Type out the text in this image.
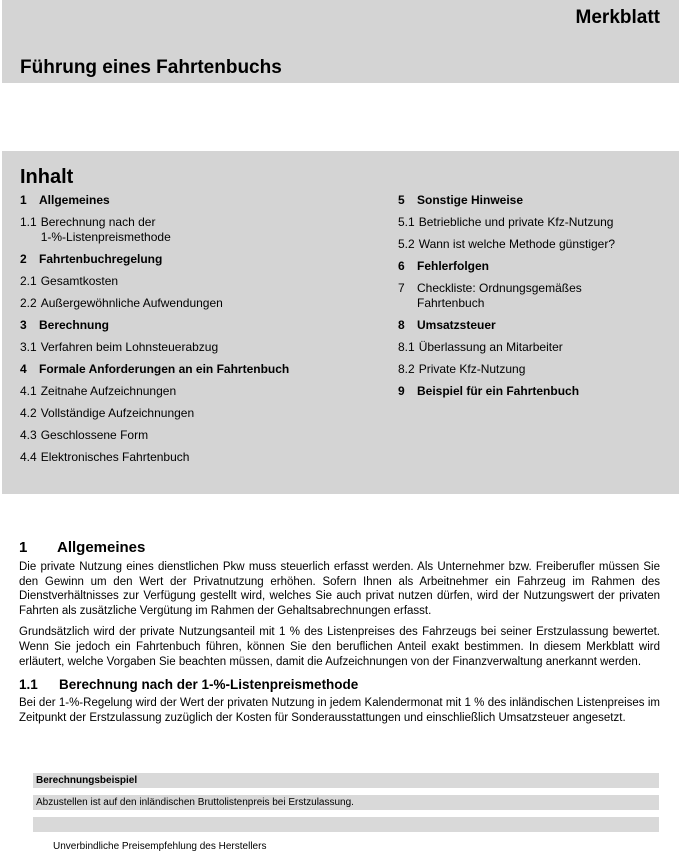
Merkblatt
Führung eines Fahrtenbuchs
Inhalt
1	Allgemeines
1.1 Berechnung nach der
1-%-Listenpreismethode
2	Fahrtenbuchregelung
2.1 Gesamtkosten
2.2 Außergewöhnliche Aufwendungen
3	Berechnung
3.1 Verfahren beim Lohnsteuerabzug
4	Formale Anforderungen an ein Fahrtenbuch
4.1 Zeitnahe Aufzeichnungen
4.2 Vollständige Aufzeichnungen
4.3 Geschlossene Form
4.4 Elektronisches Fahrtenbuch
5	Sonstige Hinweise
5.1 Betriebliche und private Kfz-Nutzung
5.2 Wann ist welche Methode günstiger?
6	Fehlerfolgen
7	Checkliste: Ordnungsgemäßes
Fahrtenbuch
8	Umsatzsteuer
8.1 Überlassung an Mitarbeiter
8.2 Private Kfz-Nutzung
9	Beispiel für ein Fahrtenbuch
1	Allgemeines

Die private Nutzung eines dienstlichen Pkw muss steuerlich erfasst werden. Als Unternehmer bzw. Freiberufler müssen Sie den Gewinn um den Wert der Privatnutzung erhöhen. Sofern Ihnen als Arbeitnehmer ein Fahrzeug im Rahmen des Dienstverhältnisses zur Verfügung gestellt wird, welches Sie auch privat nutzen dürfen, wird der Nutzungswert der privaten Fahrten als zusätzliche Vergütung im Rahmen der Gehaltsabrechnungen erfasst.

Grundsätzlich wird der private Nutzungsanteil mit 1 % des Listenpreises des Fahrzeugs bei seiner Erstzulassung bewertet. Wenn Sie jedoch ein Fahrtenbuch führen, können Sie den beruflichen Anteil exakt bestimmen. In diesem Merkblatt wird erläutert, welche Vorgaben Sie beachten müssen, damit die Aufzeichnungen von der Finanzverwaltung anerkannt werden.

1.1	Berechnung nach der 1-%-Listenpreismethode

Bei der 1-%-Regelung wird der Wert der privaten Nutzung in jedem Kalendermonat mit 1 % des inländischen Listenpreises im Zeitpunkt der Erstzulassung zuzüglich der Kosten für Sonderausstattungen und einschließlich Umsatzsteuer angesetzt.

Berechnungsbeispiel
Abzustellen ist auf den inländischen Bruttolistenpreis bei Erstzulassung.
Unverbindliche Preisempfehlung des Herstellers
